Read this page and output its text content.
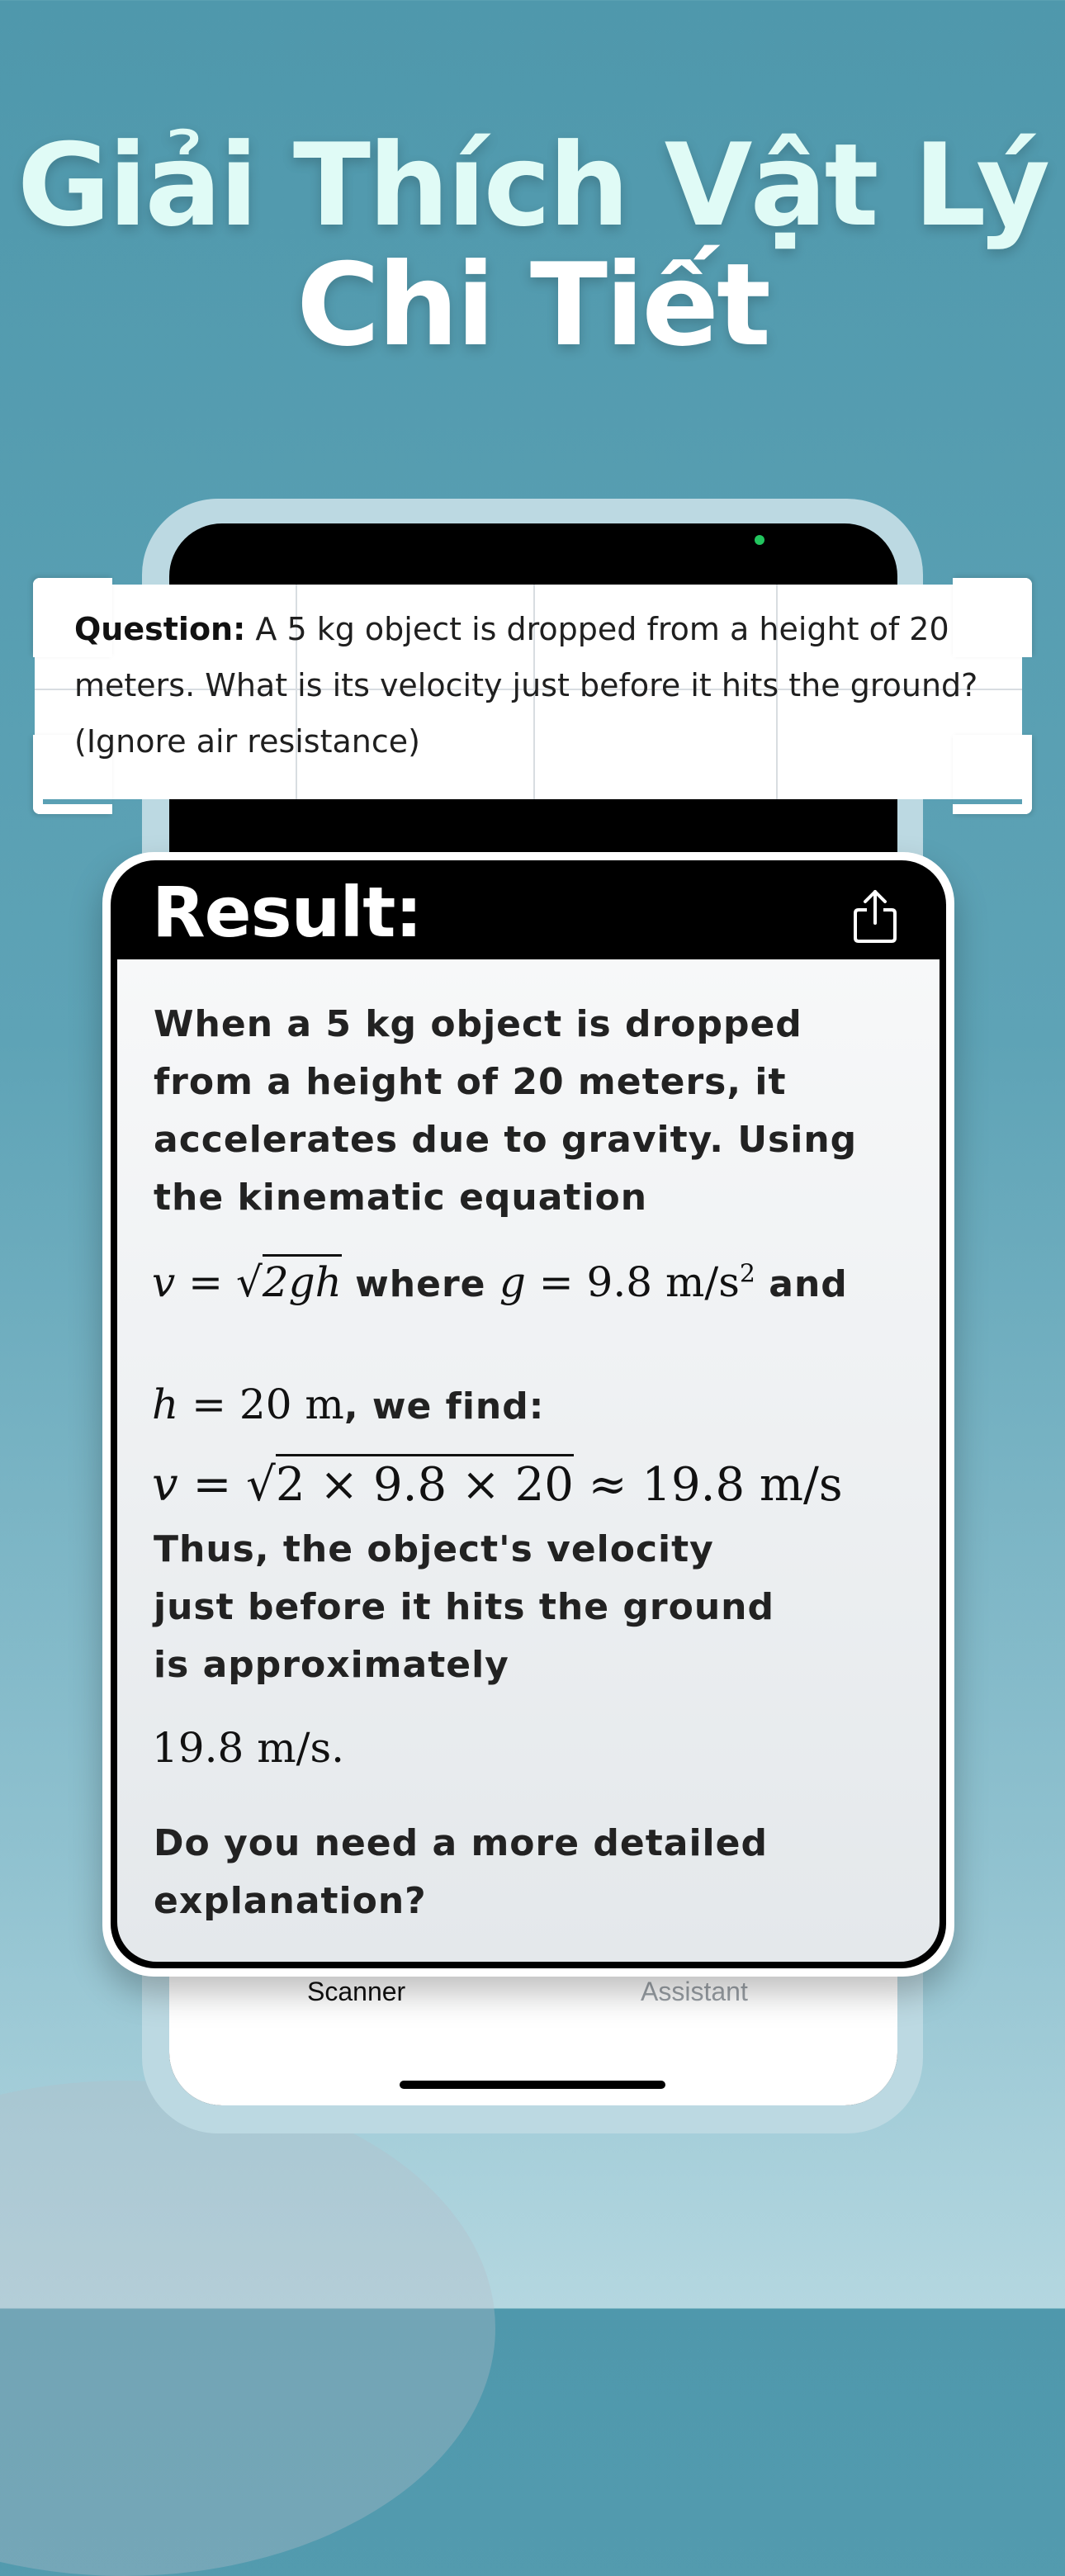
Giải Thích Vật Lý
Chi Tiết
Scanner	Assistant
Question: A 5 kg object is dropped from a height of 20 meters. What is its velocity just before it hits the ground? (Ignore air resistance)
Result:
When a 5 kg object is dropped from a height of 20 meters, it accelerates due to gravity. Using the kinematic equation
v = √2gh where g = 9.8 $m/s^2$ and
h = 20 m, we find:
v = √2 × 9.8 × 20 ≈ 19.8 m/s
Thus, the object's velocity just before it hits the ground is approximately
19.8 m/s.
Do you need a more detailed explanation?
